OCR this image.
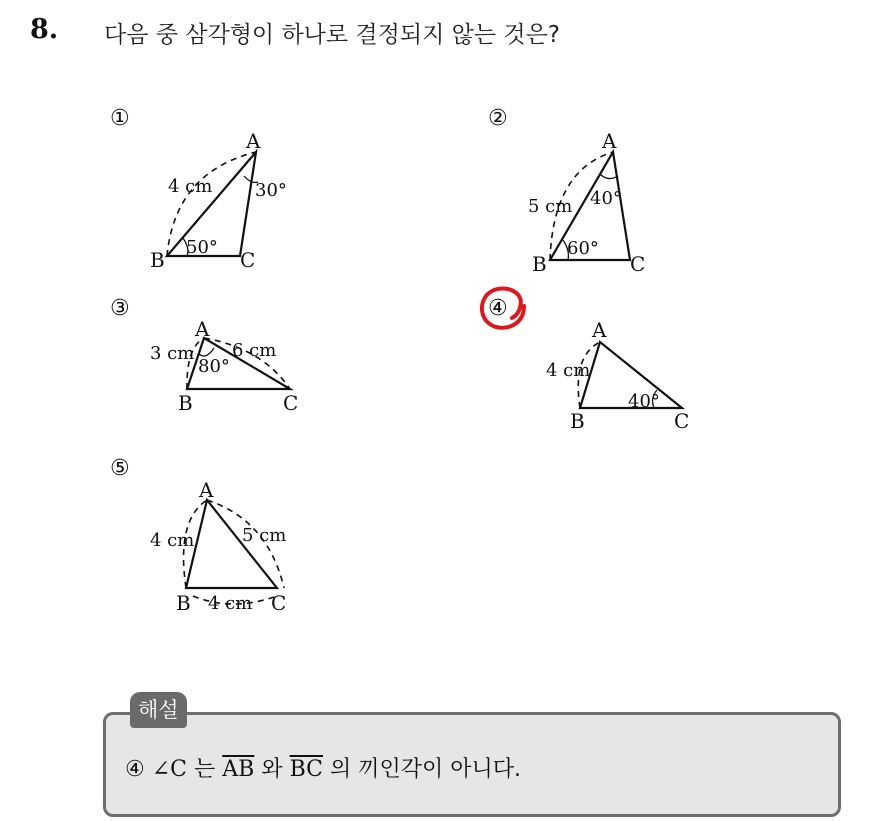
8. 다음 중 삼각형이 하나로 결정되지 않는 것은?
①	②
③	④
⑤
A
B	C
4 cm 30°
50°
A
B	C
5 cm 40°
60°
A
B	C
3 cm 6 cm
80°
A
B	C
4 cm
40°
A
B	C
4 cm	5 cm
4 cm
해설
④ ∠C 는 $\overline{AB}$ 와 $\overline{BC}$ 의 끼인각이 아니다.
